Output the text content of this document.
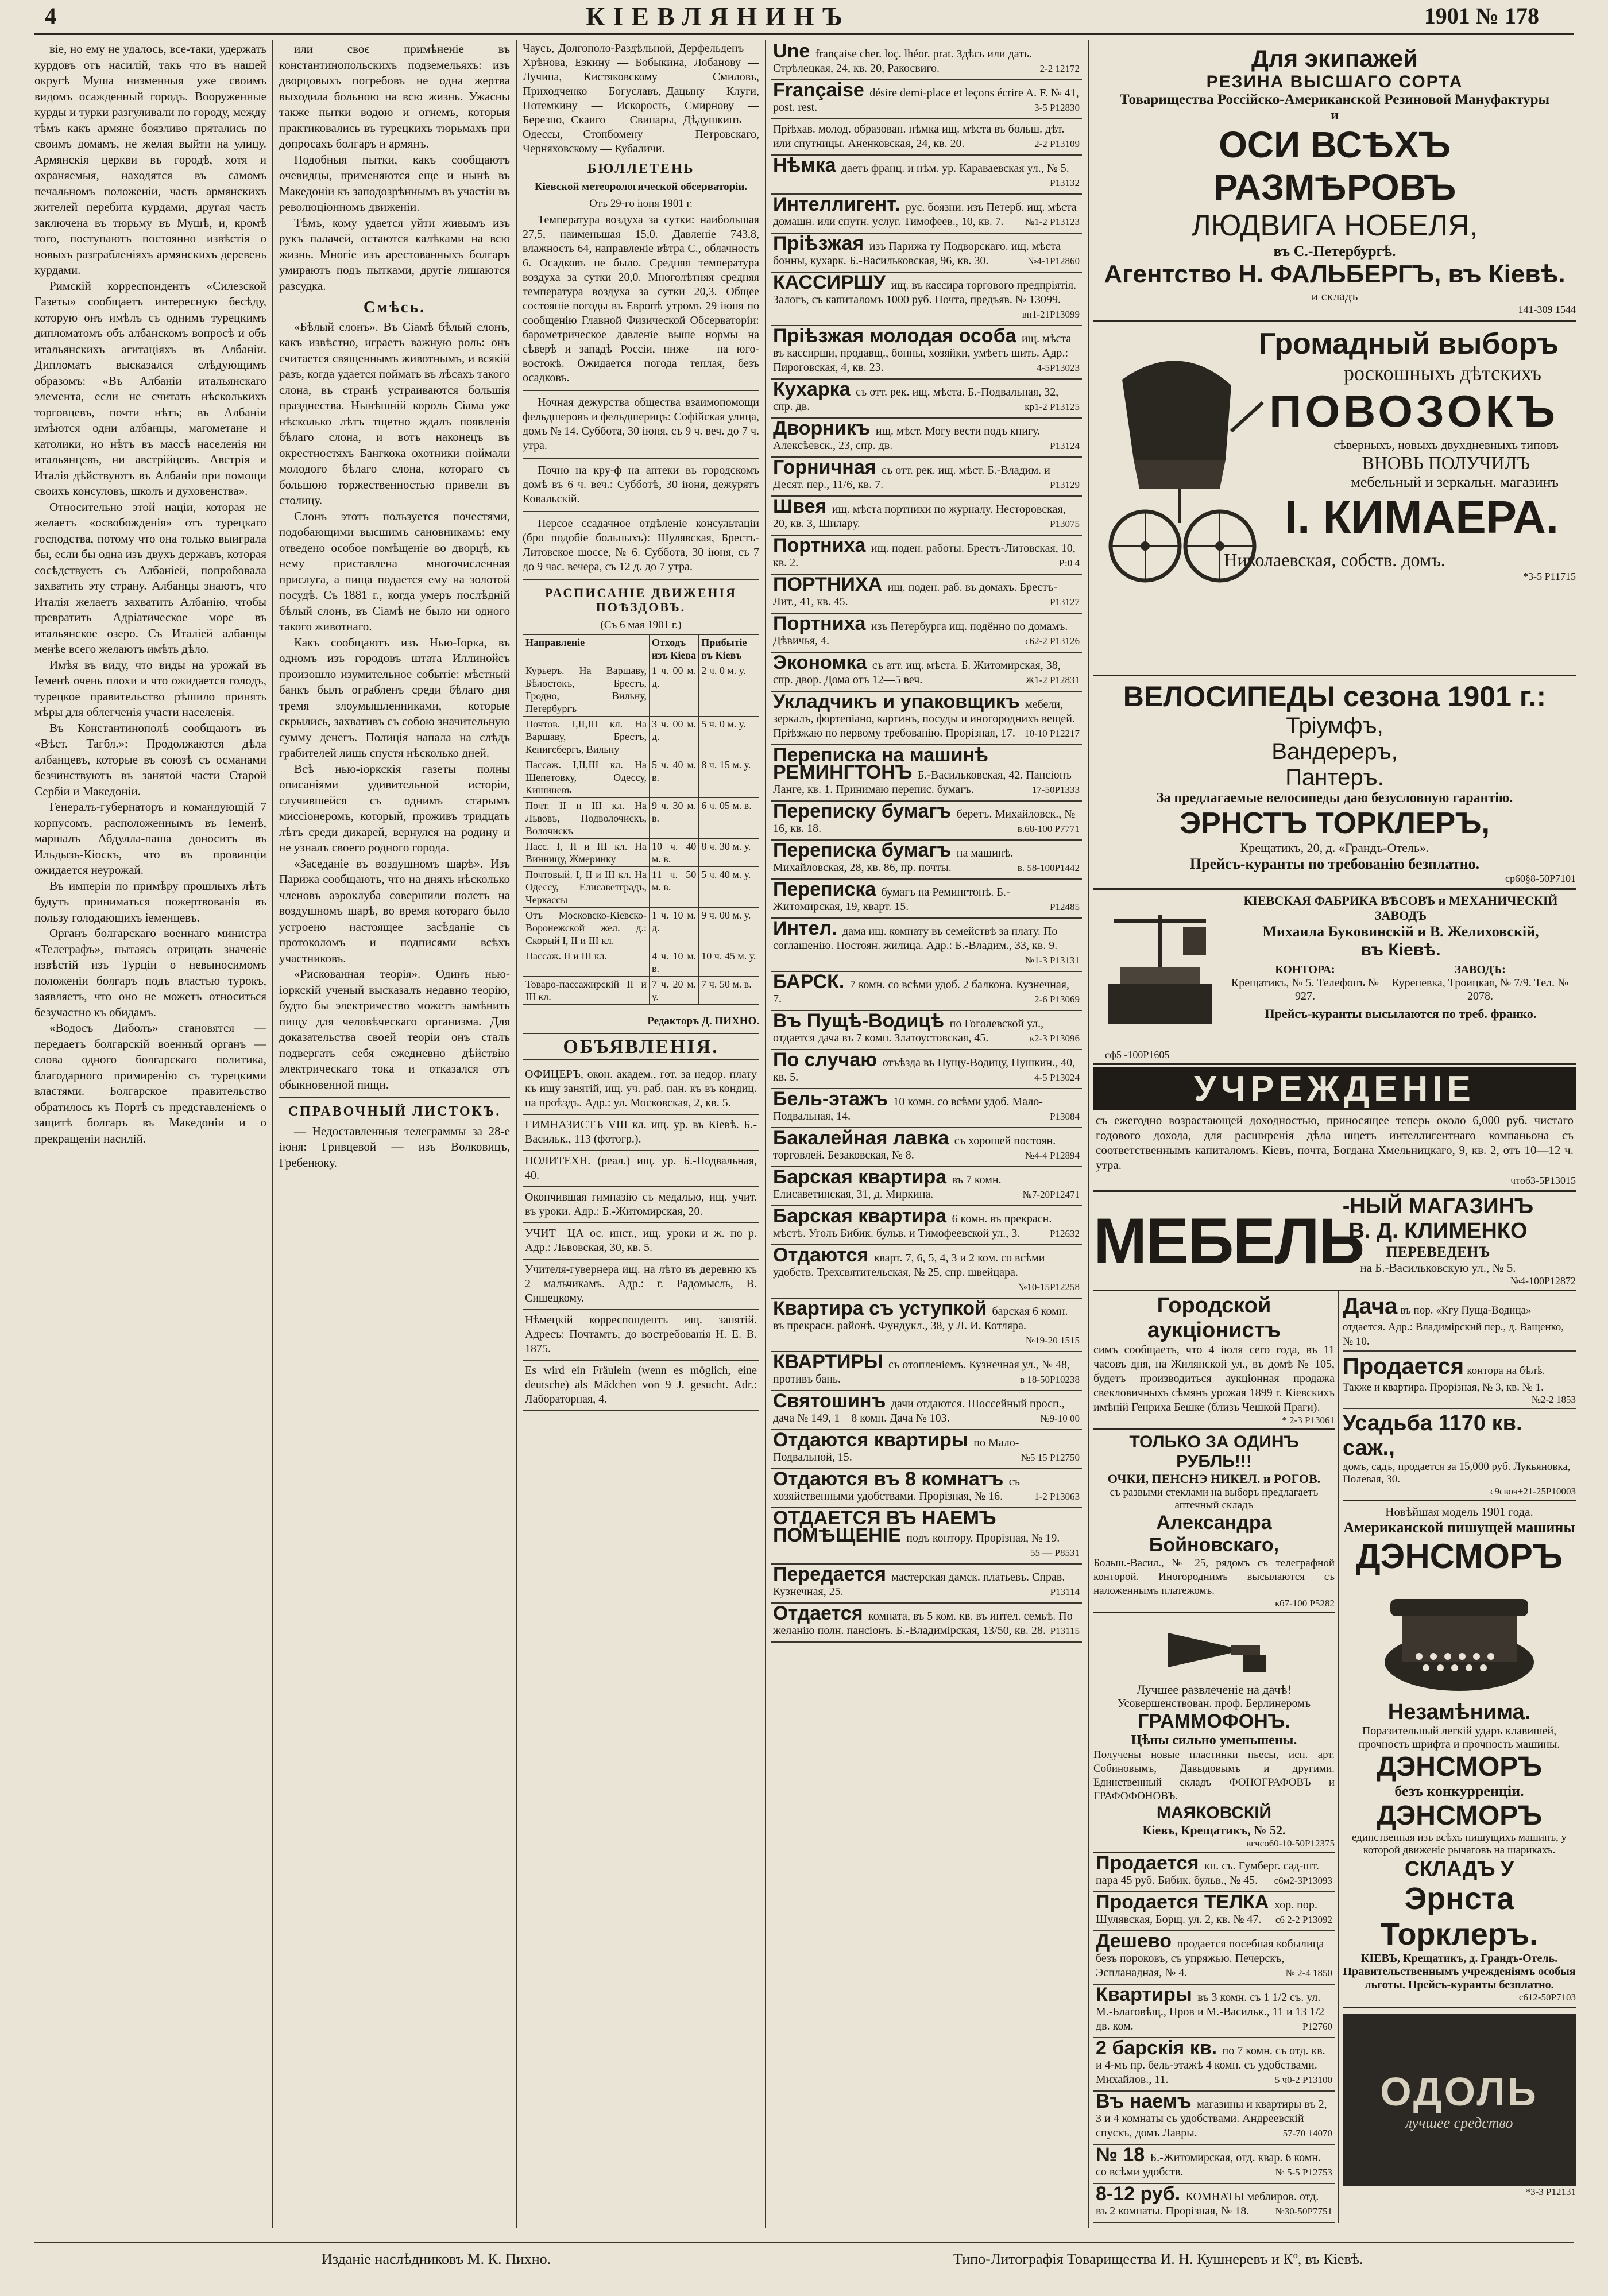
4	КІЕВЛЯНИНЪ	1901 № 178

віе, но ему не удалось, все-таки, удержать курдовъ отъ насилій, такъ что въ нашей округѣ Муша низменныя уже своимъ видомъ осажденный городъ. Вооруженные курды и турки разгуливали по городу, между тѣмъ какъ армяне боязливо прятались по своимъ домамъ, не желая выйти на улицу. Армянскія церкви въ городѣ, хотя и охраняемыя, находятся въ самомъ печальномъ положеніи, часть армянскихъ жителей перебита курдами, другая часть заключена въ тюрьму въ Мушѣ, и, кромѣ того, поступаютъ постоянно извѣстія о новыхъ разграбленіяхъ армянскихъ деревень курдами.

Римскій корреспондентъ «Силезской Газеты» сообщаетъ интересную бесѣду, которую онъ имѣлъ съ однимъ турецкимъ дипломатомъ объ албанскомъ вопросѣ и объ итальянскихъ агитаціяхъ въ Албаніи. Дипломатъ высказался слѣдующимъ образомъ: «Въ Албаніи итальянскаго элемента, если не считать нѣсколькихъ торговцевъ, почти нѣтъ; въ Албаніи имѣются одни албанцы, магометане и католики, но нѣтъ въ массѣ населенія ни итальянцевъ, ни австрійцевъ. Австрія и Италія дѣйствуютъ въ Албаніи при помощи своихъ консуловъ, школъ и духовенства».

Относительно этой націи, которая не желаетъ «освобожденія» отъ турецкаго господства, потому что она только выиграла бы, если бы одна изъ двухъ державъ, которая сосѣдствуетъ съ Албаніей, попробовала захватить эту страну. Албанцы знаютъ, что Италія желаетъ захватить Албанію, чтобы превратить Адріатическое море въ итальянское озеро. Съ Италіей албанцы менѣе всего желаютъ имѣть дѣло.

Имѣя въ виду, что виды на урожай въ Іеменѣ очень плохи и что ожидается голодъ, турецкое правительство рѣшило принять мѣры для облегченія участи населенія.

Въ Константинополѣ сообщаютъ въ «Вѣст. Тагбл.»: Продолжаются дѣла албанцевъ, которые въ союзѣ съ османами безчинствуютъ въ занятой части Старой Сербіи и Македоніи.

Генералъ-губернаторъ и командующій 7 корпусомъ, расположеннымъ въ Іеменѣ, маршалъ Абдулла-паша доноситъ въ Ильдызъ-Кіоскъ, что въ провинціи ожидается неурожай.

Въ имперіи по примѣру прошлыхъ лѣтъ будутъ приниматься пожертвованія въ пользу голодающихъ іеменцевъ.

Органъ болгарскаго военнаго министра «Телеграфъ», пытаясь отрицать значеніе извѣстій изъ Турціи о невыносимомъ положеніи болгаръ подъ властью турокъ, заявляетъ, что оно не можетъ относиться безучастно къ обидамъ.

«Водосъ Диболъ» становятся — передаетъ болгарскій военный органъ — слова одного болгарскаго политика, благодарного примиренію съ турецкими властями. Болгарское правительство обратилось къ Портѣ съ представленіемъ о защитѣ болгаръ въ Македоніи и о прекращеніи насилій.

или своє примѣненіе въ константинопольскихъ подземельяхъ: изъ дворцовыхъ погребовъ не одна жертва выходила больною на всю жизнь. Ужасны также пытки водою и огнемъ, которыя практиковались въ турецкихъ тюрьмахъ при допросахъ болгаръ и армянъ.

Подобныя пытки, какъ сообщаютъ очевидцы, применяются еще и нынѣ въ Македоніи къ заподозрѣннымъ въ участіи въ революціонномъ движеніи.

Тѣмъ, кому удается уйти живымъ изъ рукъ палачей, остаются калѣками на всю жизнь. Многіе изъ арестованныхъ болгаръ умираютъ подъ пытками, другіе лишаются разсудка.

Смѣсь.

«Бѣлый слонъ». Въ Сіамѣ бѣлый слонъ, какъ извѣстно, играетъ важную роль: онъ считается священнымъ животнымъ, и всякій разъ, когда удается поймать въ лѣсахъ такого слона, въ странѣ устраиваются большія празднества. Нынѣшній король Сіама уже нѣсколько лѣтъ тщетно ждалъ появленія бѣлаго слона, и вотъ наконецъ въ окрестностяхъ Бангкока охотники поймали молодого бѣлаго слона, котораго съ большою торжественностью привели въ столицу.

Слонъ этотъ пользуется почестями, подобающими высшимъ сановникамъ: ему отведено особое помѣщеніе во дворцѣ, къ нему приставлена многочисленная прислуга, а пища подается ему на золотой посудѣ. Съ 1881 г., когда умеръ послѣдній бѣлый слонъ, въ Сіамѣ не было ни одного такого животнаго.

Какъ сообщаютъ изъ Нью-Іорка, въ одномъ изъ городовъ штата Иллинойсъ произошло изумительное событіе: мѣстный банкъ былъ ограбленъ среди бѣлаго дня тремя злоумышленниками, которые скрылись, захвативъ съ собою значительную сумму денегъ. Полиція напала на слѣдъ грабителей лишь спустя нѣсколько дней.

Всѣ нью-іоркскія газеты полны описаніями удивительной исторіи, случившейся съ однимъ старымъ миссіонеромъ, который, проживъ тридцать лѣтъ среди дикарей, вернулся на родину и не узналъ своего родного города.

«Заседаніе въ воздушномъ шарѣ». Изъ Парижа сообщаютъ, что на дняхъ нѣсколько членовъ аэроклуба совершили полетъ на воздушномъ шарѣ, во время котораго было устроено настоящее засѣданіе съ протоколомъ и подписями всѣхъ участниковъ.

«Рискованная теорія». Одинъ нью-іоркскій ученый высказалъ недавно теорію, будто бы электричество можетъ замѣнить пищу для человѣческаго организма. Для доказательства своей теоріи онъ сталъ подвергать себя ежедневно дѣйствію электрическаго тока и отказался отъ обыкновенной пищи.

СПРАВОЧНЫЙ ЛИСТОКЪ.

— Недоставленныя телеграммы за 28-е іюня: Гривцевой — изъ Волковицъ, Гребенюку.

Чаусъ, Долгополо-Раздѣльной, Дерфельденъ — Хрѣнова, Езкину — Бобыкина, Лобанову — Лучина, Кистяковскому — Смиловъ, Приходченко — Богуславъ, Дацыну — Клуги, Потемкину — Искорость, Смирнову — Березно, Скаиго — Свинары, Дѣдушкинъ — Одессы, Стопбомену — Петровскаго, Черняховскому — Кубаличи.

БЮЛЛЕТЕНЬ
Кіевской метеорологической обсерваторіи.
Отъ 29-го іюня 1901 г.

Температура воздуха за сутки: наибольшая 27,5, наименьшая 15,0. Давленіе 743,8, влажность 64, направленіе вѣтра С., облачность 6. Осадковъ не было. Средняя температура воздуха за сутки 20,0. Многолѣтняя средняя температура воздуха за сутки 20,3. Общее состояніе погоды въ Европѣ утромъ 29 іюня по сообщенію Главной Физической Обсерваторіи: барометрическое давленіе выше нормы на сѣверѣ и западѣ Россіи, ниже — на юго-востокѣ. Ожидается погода теплая, безъ осадковъ.

Ночная дежурства общества взаимопомощи фельдшеровъ и фельдшерицъ: Софійская улица, домъ № 14. Суббота, 30 іюня, съ 9 ч. веч. до 7 ч. утра.

Почно на кру-ф на аптеки въ городскомъ домѣ въ 6 ч. веч.: Субботѣ, 30 іюня, дежурятъ Ковальскій.

Персое ссадачное отдѣленіе консультаціи (бро подобіе больныхъ): Шулявская, Брестъ-Литовское шоссе, № 6. Суббота, 30 іюня, съ 7 до 9 час. вечера, съ 12 д. до 7 утра.

РАСПИСАНІЕ ДВИЖЕНІЯ ПОѢЗДОВЪ.
(Съ 6 мая 1901 г.)
Направленіе	Отходъ изъ Кіева	Прибытіе въ Кіевъ
Курьеръ. На Варшаву, Бѣлостокъ, Брестъ, Гродно, Вильну, Петербургъ	1 ч. 00 м. д.	2 ч. 0 м. у.
Почтов. І,ІІ,ІІІ кл. На Варшаву, Брестъ, Кенигсбергъ, Вильну	3 ч. 00 м. д.	5 ч. 0 м. у.
Пассаж. І,ІІ,ІІІ кл. На Шепетовку, Одессу, Кишиневъ	5 ч. 40 м. в.	8 ч. 15 м. у.
Почт. ІІ и ІІІ кл. На Львовъ, Подволочискъ, Волочискъ	9 ч. 30 м. в.	6 ч. 05 м. в.
Пасс. І, ІІ и ІІІ кл. На Винницу, Жмеринку	10 ч. 40 м. в.	8 ч. 30 м. у.
Почтовый. І, ІІ и ІІІ кл. На Одессу, Елисаветградъ, Черкассы	11 ч. 50 м. в.	5 ч. 40 м. у.
Отъ Московско-Кіевско-Воронежской жел. д.: Скорый І, ІІ и ІІІ кл.	1 ч. 10 м. д.	9 ч. 00 м. у.
Пассаж. ІІ и ІІІ кл.	4 ч. 10 м. в.	10 ч. 45 м. у.
Товаро-пассажирскій ІІ и ІІІ кл.	7 ч. 20 м. у.	7 ч. 50 м. в.
Редакторъ Д. ПИХНО.
ОБЪЯВЛЕНІЯ.
ОФИЦЕРЪ, окон. академ., гот. за недор. плату къ ищу занятій, ищ. уч. раб. пан. къ въ кондиц. на проѣздъ. Адр.: ул. Московская, 2, кв. 5.
ГИМНАЗИСТЪ VIII кл. ищ. ур. въ Кіевѣ. Б.-Васильк., 113 (фотогр.).
ПОЛИТЕХН. (реал.) ищ. ур. Б.-Подвальная, 40.
Окончившая гимназію съ медалью, ищ. учит. въ уроки. Адр.: Б.-Житомирская, 20.
УЧИТ—ЦА ос. инст., ищ. уроки и ж. по р. Адр.: Львовская, 30, кв. 5.
Учителя-гувернера ищ. на лѣто въ деревню къ 2 мальчикамъ. Адр.: г. Радомысль, В. Сишецкому.
Нѣмецкій корреспондентъ ищ. занятій. Адресъ: Почтамтъ, до востребованія Н. Е. В. 1875.
Es wird ein Fräulein (wenn es möglich, eine deutsche) als Mädchen von 9 J. gesucht. Adr.: Лабораторная, 4.
Une française cher. loç. lhéor. prat. Здѣсь или дать. Стрѣлецкая, 24, кв. 20, Ракосвиго.	2-2 12172
Française désire demi-place et leçons écrire A. F. № 41, post. rest.	3-5 Р12830
Пріѣхав. молод. образован. нѣмка ищ. мѣста въ больш. дѣт. или спутницы. Аненковская, 24, кв. 20.	2-2 Р13109
Нѣмка даетъ франц. и нѣм. ур. Караваевская ул., № 5.
Р13132
Интеллигент. рус. боязни. изъ Петерб. ищ. мѣста домашн. или спутн. услуг. Тимофеев., 10, кв. 7. №1-2 Р13123
Пріѣзжая изъ Парижа ту Подворскаго. ищ. мѣста бонны, кухарк. Б.-Васильковская, 96, кв. 30.	№4-1Р12860
КАССИРШУ ищ. въ кассира торгового предпріятія. Залогъ, съ капиталомъ 1000 руб. Почта, предъяв. № 13099.
вп1-21Р13099
Пріѣзжая молодая особа ищ. мѣста въ кассирши, продавщ., бонны, хозяйки, умѣетъ шить. Адр.: Пироговская, 4, кв. 23.	4-5Р13023
Кухарка съ отт. рек. ищ. мѣста. Б.-Подвальная, 32, спр. дв.	кр1-2 Р13125
Дворникъ ищ. мѣст. Могу вести подъ книгу. Алексѣевск., 23, спр. дв.	Р13124
Горничная съ отт. рек. ищ. мѣст. Б.-Владим. и Десят. пер., 11/6, кв. 7.	Р13129
Швея ищ. мѣста портнихи по журналу. Несторовская, 20, кв. 3, Шилару.	Р13075
Портниха ищ. поден. работы. Брестъ-Литовская, 10, кв. 2.	Р:0 4
ПОРТНИХА ищ. поден. раб. въ домахъ. Брестъ-Лит., 41, кв. 45.	Р13127
Портниха изъ Петербурга ищ. подённо по домамъ. Дѣвичья, 4.	с62-2 Р13126
Экономка съ атт. ищ. мѣста. Б. Житомирская, 38, спр. двор. Дома отъ 12—5 веч.	Ж1-2 Р12831
Укладчикъ и упаковщикъ мебели, зеркалъ, фортепіано, картинъ, посуды и иногороднихъ вещей. Пріѣзжаю по первому требованію. Прорізная, 17. 10-10 Р12217
Переписка на машинѣ РЕМИНГТОНЪ Б.-Васильковская, 42. Пансіонъ Ланге, кв. 1. Принимаю перепис. бумагъ.	17-50Р1333
Переписку бумагъ беретъ. Михайловск., № 16, кв. 18.	в.68-100 Р7771
Переписка бумагъ на машинѣ. Михайловская, 28, кв. 86, пр. почты.	в. 58-100Р1442
Переписка бумагъ на Ремингтонѣ. Б.-Житомирская, 19, кварт. 15.	Р12485
Интел. дама ищ. комнату въ семействѣ за плату. По соглашенію. Постоян. жилица. Адр.: Б.-Владим., 33, кв. 9.
№1-3 Р13131
БАРСК. 7 комн. со всѣми удоб. 2 балкона. Кузнечная, 7.	2-6 Р13069
Въ Пущѣ-Водицѣ по Гоголевской ул., отдается дача въ 7 комн. Златоустовская, 45.	к2-3 Р13096
По случаю отъѣзда въ Пущу-Водицу, Пушкин., 40, кв. 5.	4-5 Р13024
Бель-этажъ 10 комн. со всѣми удоб. Мало-Подвальная, 14.	Р13084
Бакалейная лавка съ хорошей постоян. торговлей. Безаковская, № 8.	№4-4 Р12894
Барская квартира въ 7 комн. Елисаветинская, 31, д. Миркина.	№7-20Р12471
Барская квартира 6 комн. въ прекрасн. мѣстѣ. Уголъ Бибик. бульв. и Тимофеевской ул., 3.	Р12632
Отдаются кварт. 7, 6, 5, 4, 3 и 2 ком. со всѣми удобств. Трехсвятительская, № 25, спр. швейцара.
№10-15Р12258
Квартира съ уступкой барская 6 комн. въ прекрасн. районѣ. Фундукл., 38, у Л. И. Котляра.
№19-20 1515
КВАРТИРЫ съ отопленіемъ. Кузнечная ул., № 48, противъ бань.	в 18-50Р10238
Святошинъ дачи отдаются. Шоссейный просп., дача № 149, 1—8 комн. Дача № 103.	№9-10 00
Отдаются квартиры по Мало-Подвальной, 15.	№5 15 Р12750
Отдаются въ 8 комнатъ съ хозяйственными удобствами. Прорізная, № 16.	1-2 Р13063
ОТДАЕТСЯ ВЪ НАЕМЪ ПОМѢЩЕНІЕ подъ контору. Прорізная, № 19.
55 — Р8531
Передается мастерская дамск. платьевъ. Справ. Кузнечная, 25.	Р13114
Отдается комната, въ 5 ком. кв. въ интел. семьѣ. По желанію полн. пансіонъ. Б.-Владимірская, 13/50, кв. 28. Р13115
Для экипажей
РЕЗИНА ВЫСШАГО СОРТА
Товарищества Россійско-Американской Резиновой Мануфактуры
и
ОСИ ВСѢХЪ РАЗМѢРОВЪ
ЛЮДВИГА НОБЕЛЯ,
въ С.-Петербургѣ.
Агентство Н. ФАЛЬБЕРГЪ, въ Кіевѣ.
и складъ
141-309 1544
Громадный выборъ
роскошныхъ дѣтскихъ
ПОВОЗОКЪ
сѣверныхъ, новыхъ двухдневныхъ типовъ
ВНОВЬ ПОЛУЧИЛЪ
мебельный и зеркальн. магазинъ
І. КИМАЕРА.
Николаевская, собств. домъ.
*3-5 Р11715
ВЕЛОСИПЕДЫ сезона 1901 г.:
Тріумфъ,
Вандереръ,
Пантеръ.
За предлагаемые велосипеды даю безусловную гарантію.
ЭРНСТЪ ТОРКЛЕРЪ,
Крещатикъ, 20, д. «Грандъ-Отель».
Прейсъ-куранты по требованію безплатно.
ср60§8-50Р7101
КІЕВСКАЯ ФАБРИКА ВѢСОВЪ и МЕХАНИЧЕСКІЙ ЗАВОДЪ
Михаила Буковинскій и В. Желиховскій,
въ Кіевѣ.
КОНТОРА:
Крещатикъ, № 5. Телефонъ № 927.
ЗАВОДЪ:
Куреневка, Троицкая, № 7/9. Тел. № 2078.
Прейсъ-куранты высылаются по треб. франко.
сф5 -100Р1605
УЧРЕЖДЕНІЕ
съ ежегодно возрастающей доходностью, приносящее теперь около 6,000 руб. чистаго годового дохода, для расширенія дѣла ищетъ интеллигентнаго компаньона съ соответственнымъ капиталомъ. Кіевъ, почта, Богдана Хмельницкаго, 9, кв. 2, отъ 10—12 ч. утра.
чтоб3-5Р13015
МЕБЕЛЬ
-НЫЙ МАГАЗИНЪ
В. Д. КЛИМЕНКО
ПЕРЕВЕДЕНЪ
на Б.-Васильковскую ул., № 5.
№4-100Р12872
Городской аукціонистъ
симъ сообщаетъ, что 4 іюля сего года, въ 11 часовъ дня, на Жилянской ул., въ домѣ № 105, будетъ производиться аукціонная продажа свекловичныхъ сѣмянъ урожая 1899 г. Кіевскихъ имѣній Генриха Бешке (близъ Чешкой Праги).
* 2-3 Р13061
ТОЛЬКО ЗА ОДИНЪ РУБЛЬ!!!
ОЧКИ, ПЕНСНЭ НИКЕЛ. и РОГОВ.
съ развыми стеклами на выборъ предлагаетъ аптечный складъ
Александра Бойновскаго,
Больш.-Васил., № 25, рядомъ съ телеграфной конторой. Иногороднимъ высылаются съ наложеннымъ платежомъ.
кб7-100 Р5282
Лучшее развлеченіе на дачѣ!
Усовершенствован. проф. Берлинеромъ
ГРАММОФОНЪ.
Цѣны сильно уменьшены.
Получены новые пластинки пьесы, исп. арт. Собиновымъ, Давыдовымъ и другими. Единственный складъ ФОНОГРАФОВЪ и ГРАФОФОНОВЪ.
МАЯКОВСКІЙ
Кіевъ, Крещатикъ, № 52.
вгчсо60-10-50Р12375
Продается кн. съ. Гумберг. сад-шт. пара 45 руб. Бибик. бульв., № 45. с6м2-3Р13093
Продается ТЕЛКА хор. пор. Шулявская, Борщ. ул. 2, кв. № 47. с6 2-2 Р13092
Дешево продается посебная кобылица безъ пороковъ, съ упряжью. Печерскъ, Эспланадная, № 4.	№ 2-4 1850
Квартиры въ 3 комн. съ 1 1/2 съ. ул. М.-Благовѣщ., Пров и М.-Васильк., 11 и 13 1/2 дв. ком.	Р12760
2 барскія кв. по 7 комн. съ отд. кв. и 4-мъ пр. бель-этажѣ 4 комн. съ удобствами. Михайлов., 11.	5 ч0-2 Р13100
Въ наемъ магазины и квартиры въ 2, 3 и 4 комнаты съ удобствами. Андреевскій спускъ, домъ Лавры.	57-70 14070
№ 18 Б.-Житомирская, отд. квар. 6 комн. со всѣми удобств.	№ 5-5 Р12753
8-12 руб. КОМНАТЫ меблиров. отд. въ 2 комнаты. Прорізная, № 18.	№30-50Р7751
Дача въ пор. «Кгу Пуща-Водица» отдается. Адр.: Владимірский пер., д. Ващенко, № 10.
Продается контора на бѣлѣ. Также и квартира. Прорізная, № 3, кв. № 1.
№2-2 1853
Усадьба 1170 кв. саж.,
домъ, садъ, продается за 15,000 руб. Лукьяновка, Полевая, 30.
с9своч±21-25Р10003
Новѣйшая модель 1901 года.
Американской пишущей машины
ДЭНСМОРЪ
Незамѣнима.
Поразительный легкій ударъ клавишей, прочность шрифта и прочность машины.
ДЭНСМОРЪ
безъ конкурренціи.
ДЭНСМОРЪ
единственная изъ всѣхъ пишущихъ машинъ, у которой движеніе рычаговъ на шарикахъ.
СКЛАДЪ У
Эрнста Торклеръ.
КІЕВЪ, Крещатикъ, д. Грандъ-Отель. Правительственнымъ учрежденіямъ особыя льготы. Прейсъ-куранты безплатно.
с612-50Р7103
ОДОЛЬ
лучшее средство
*3-3 Р12131
Изданіе наслѣдниковъ М. К. Пихно.	Типо-Литографія Товарищества И. Н. Кушнеревъ и Кº, въ Кіевѣ.
